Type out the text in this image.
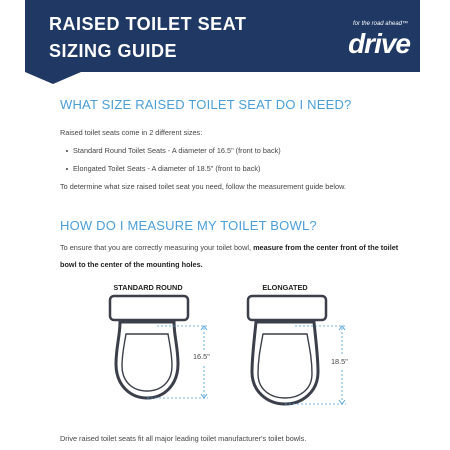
RAISED TOILET SEAT
SIZING GUIDE
for the road ahead™
drive
WHAT SIZE RAISED TOILET SEAT DO I NEED?
Raised toilet seats come in 2 different sizes:
Standard Round Toilet Seats - A diameter of 16.5" (front to back)
Elongated Toilet Seats - A diameter of 18.5" (front to back)
To determine what size raised toilet seat you need, follow the measurement guide below.
HOW DO I MEASURE MY TOILET BOWL?
To ensure that you are correctly measuring your toilet bowl, measure from the center front of the toilet bowl to the center of the mounting holes.
STANDARD ROUND	ELONGATED
16.5"
18.5"
Drive raised toilet seats fit all major leading toilet manufacturer's toilet bowls.
